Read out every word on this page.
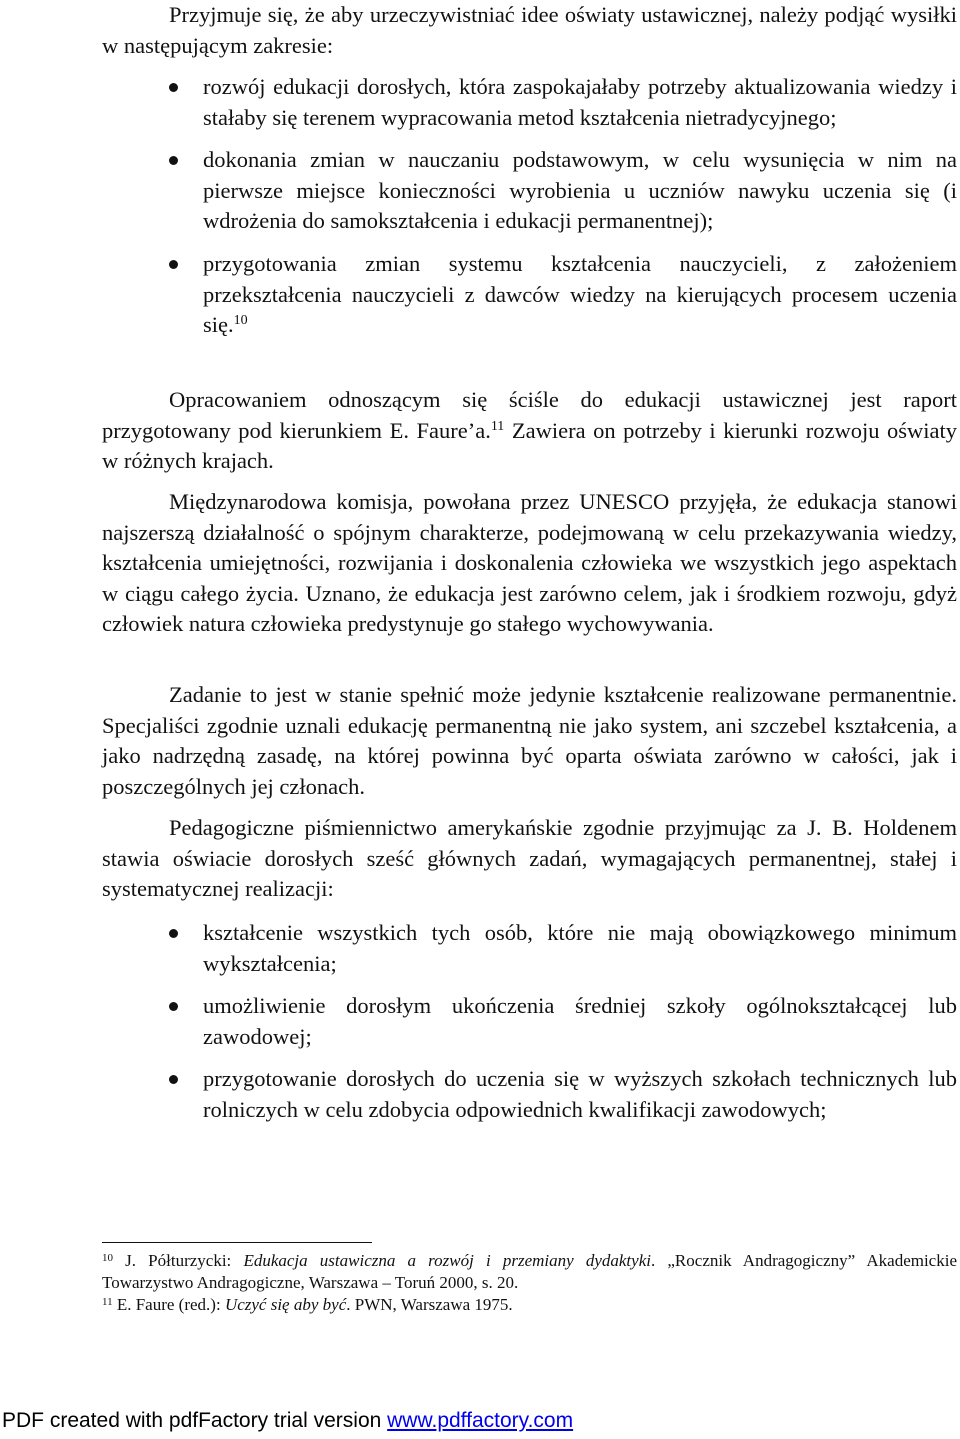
Przyjmuje się, że aby urzeczywistniać idee oświaty ustawicznej, należy podjąć wysiłki w następującym zakresie:

rozwój edukacji dorosłych, która zaspokajałaby potrzeby aktualizowania wiedzy i stałaby się terenem wypracowania metod kształcenia nietradycyjnego;
dokonania zmian w nauczaniu podstawowym, w celu wysunięcia w nim na pierwsze miejsce konieczności wyrobienia u uczniów nawyku uczenia się (i wdrożenia do samokształcenia i edukacji permanentnej);
przygotowania zmian systemu kształcenia nauczycieli, z założeniem przekształcenia nauczycieli z dawców wiedzy na kierujących procesem uczenia się.$^{10}$

Opracowaniem odnoszącym się ściśle do edukacji ustawicznej jest raport przygotowany pod kierunkiem E. Faure’a.$^{11}$ Zawiera on potrzeby i kierunki rozwoju oświaty w różnych krajach.

Międzynarodowa komisja, powołana przez UNESCO przyjęła, że edukacja stanowi najszerszą działalność o spójnym charakterze, podejmowaną w celu przekazywania wiedzy, kształcenia umiejętności, rozwijania i doskonalenia człowieka we wszystkich jego aspektach w ciągu całego życia. Uznano, że edukacja jest zarówno celem, jak i środkiem rozwoju, gdyż człowiek natura człowieka predystynuje go stałego wychowywania.

Zadanie to jest w stanie spełnić może jedynie kształcenie realizowane permanentnie. Specjaliści zgodnie uznali edukację permanentną nie jako system, ani szczebel kształcenia, a jako nadrzędną zasadę, na której powinna być oparta oświata zarówno w całości, jak i poszczególnych jej członach.

Pedagogiczne piśmiennictwo amerykańskie zgodnie przyjmując za J. B. Holdenem stawia oświacie dorosłych sześć głównych zadań, wymagających permanentnej, stałej i systematycznej realizacji:

kształcenie wszystkich tych osób, które nie mają obowiązkowego minimum wykształcenia;
umożliwienie dorosłym ukończenia średniej szkoły ogólnokształcącej lub zawodowej;
przygotowanie dorosłych do uczenia się w wyższych szkołach technicznych lub rolniczych w celu zdobycia odpowiednich kwalifikacji zawodowych;

$^{10}$ J. Półturzycki: Edukacja ustawiczna a rozwój i przemiany dydaktyki. „Rocznik Andragogiczny” Akademickie Towarzystwo Andragogiczne, Warszawa – Toruń 2000, s. 20.

$^{11}$ E. Faure (red.): Uczyć się aby być. PWN, Warszawa 1975.

PDF created with pdfFactory trial version www.pdffactory.com
